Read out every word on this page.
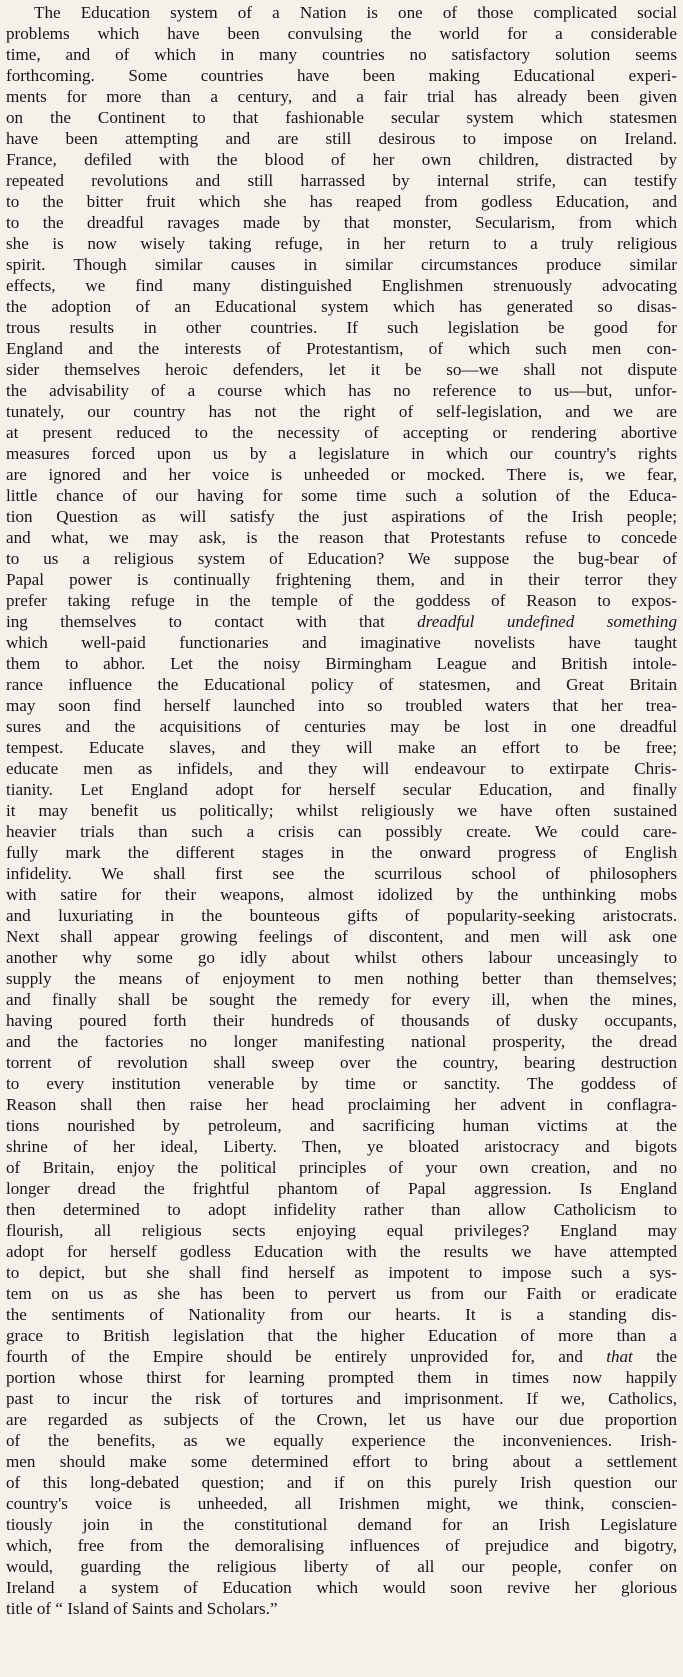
The Education system of a Nation is one of those complicated social
problems which have been convulsing the world for a considerable
time, and of which in many countries no satisfactory solution seems
forthcoming. Some countries have been making Educational experi-
ments for more than a century, and a fair trial has already been given
on the Continent to that fashionable secular system which statesmen
have been attempting and are still desirous to impose on Ireland.
France, defiled with the blood of her own children, distracted by
repeated revolutions and still harrassed by internal strife, can testify
to the bitter fruit which she has reaped from godless Education, and
to the dreadful ravages made by that monster, Secularism, from which
she is now wisely taking refuge, in her return to a truly religious
spirit. Though similar causes in similar circumstances produce similar
effects, we find many distinguished Englishmen strenuously advocating
the adoption of an Educational system which has generated so disas-
trous results in other countries. If such legislation be good for
England and the interests of Protestantism, of which such men con-
sider themselves heroic defenders, let it be so—we shall not dispute
the advisability of a course which has no reference to us—but, unfor-
tunately, our country has not the right of self-legislation, and we are
at present reduced to the necessity of accepting or rendering abortive
measures forced upon us by a legislature in which our country's rights
are ignored and her voice is unheeded or mocked. There is, we fear,
little chance of our having for some time such a solution of the Educa-
tion Question as will satisfy the just aspirations of the Irish people;
and what, we may ask, is the reason that Protestants refuse to concede
to us a religious system of Education? We suppose the bug-bear of
Papal power is continually frightening them, and in their terror they
prefer taking refuge in the temple of the goddess of Reason to expos-
ing themselves to contact with that dreadful undefined something
which well-paid functionaries and imaginative novelists have taught
them to abhor. Let the noisy Birmingham League and British intole-
rance influence the Educational policy of statesmen, and Great Britain
may soon find herself launched into so troubled waters that her trea-
sures and the acquisitions of centuries may be lost in one dreadful
tempest. Educate slaves, and they will make an effort to be free;
educate men as infidels, and they will endeavour to extirpate Chris-
tianity. Let England adopt for herself secular Education, and finally
it may benefit us politically; whilst religiously we have often sustained
heavier trials than such a crisis can possibly create. We could care-
fully mark the different stages in the onward progress of English
infidelity. We shall first see the scurrilous school of philosophers
with satire for their weapons, almost idolized by the unthinking mobs
and luxuriating in the bounteous gifts of popularity-seeking aristocrats.
Next shall appear growing feelings of discontent, and men will ask one
another why some go idly about whilst others labour unceasingly to
supply the means of enjoyment to men nothing better than themselves;
and finally shall be sought the remedy for every ill, when the mines,
having poured forth their hundreds of thousands of dusky occupants,
and the factories no longer manifesting national prosperity, the dread
torrent of revolution shall sweep over the country, bearing destruction
to every institution venerable by time or sanctity. The goddess of
Reason shall then raise her head proclaiming her advent in conflagra-
tions nourished by petroleum, and sacrificing human victims at the
shrine of her ideal, Liberty. Then, ye bloated aristocracy and bigots
of Britain, enjoy the political principles of your own creation, and no
longer dread the frightful phantom of Papal aggression. Is England
then determined to adopt infidelity rather than allow Catholicism to
flourish, all religious sects enjoying equal privileges? England may
adopt for herself godless Education with the results we have attempted
to depict, but she shall find herself as impotent to impose such a sys-
tem on us as she has been to pervert us from our Faith or eradicate
the sentiments of Nationality from our hearts. It is a standing dis-
grace to British legislation that the higher Education of more than a
fourth of the Empire should be entirely unprovided for, and that the
portion whose thirst for learning prompted them in times now happily
past to incur the risk of tortures and imprisonment. If we, Catholics,
are regarded as subjects of the Crown, let us have our due proportion
of the benefits, as we equally experience the inconveniences. Irish-
men should make some determined effort to bring about a settlement
of this long-debated question; and if on this purely Irish question our
country's voice is unheeded, all Irishmen might, we think, conscien-
tiously join in the constitutional demand for an Irish Legislature
which, free from the demoralising influences of prejudice and bigotry,
would, guarding the religious liberty of all our people, confer on
Ireland a system of Education which would soon revive her glorious
title of “ Island of Saints and Scholars.”
